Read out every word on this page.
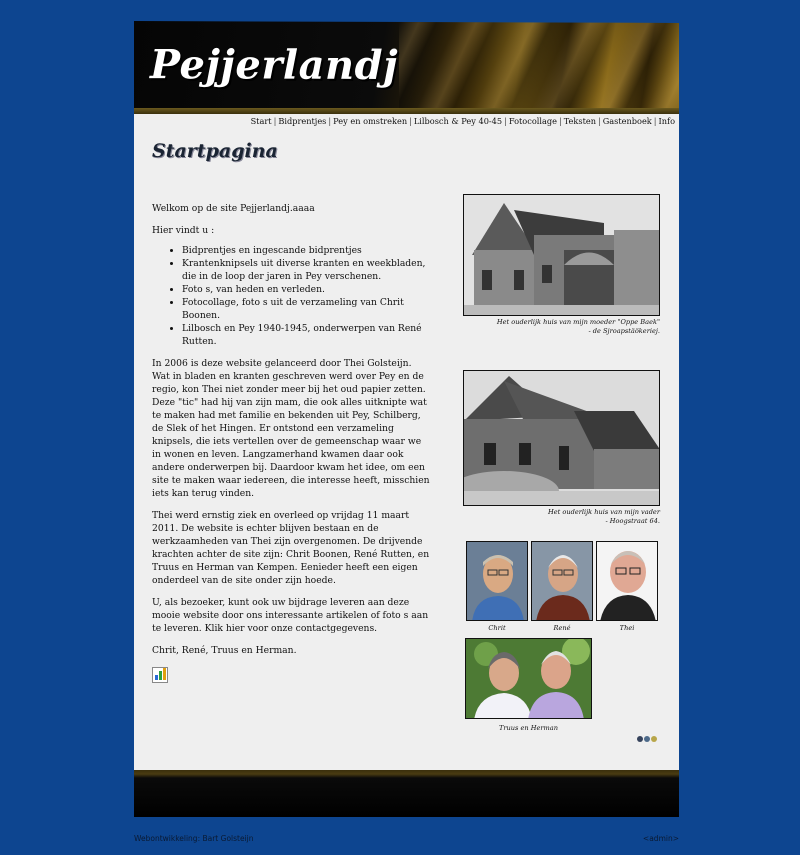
Pejjerlandj
Start | Bidprentjes | Pey en omstreken | Lilbosch & Pey 40-45 | Fotocollage | Teksten | Gastenboek | Info
Startpagina

Welkom op de site Pejjerlandj.aaaa

Hier vindt u :

• Bidprentjes en ingescande bidprentjes
• Krantenknipsels uit diverse kranten en weekbladen, die in de loop der jaren in Pey verschenen.
• Foto s, van heden en verleden.
• Fotocollage, foto s uit de verzameling van Chrit Boonen.
• Lilbosch en Pey 1940-1945, onderwerpen van René Rutten.

In 2006 is deze website gelanceerd door Thei Golsteijn. Wat in bladen en kranten geschreven werd over Pey en de regio, kon Thei niet zonder meer bij het oud papier zetten. Deze "tic" had hij van zijn mam, die ook alles uitknipte wat te maken had met familie en bekenden uit Pey, Schilberg, de Slek of het Hingen. Er ontstond een verzameling knipsels, die iets vertellen over de gemeenschap waar we in wonen en leven. Langzamerhand kwamen daar ook andere onderwerpen bij. Daardoor kwam het idee, om een site te maken waar iedereen, die interesse heeft, misschien iets kan terug vinden.

Thei werd ernstig ziek en overleed op vrijdag 11 maart 2011. De website is echter blijven bestaan en de werkzaamheden van Thei zijn overgenomen. De drijvende krachten achter de site zijn: Chrit Boonen, René Rutten, en Truus en Herman van Kempen. Eenieder heeft een eigen onderdeel van de site onder zijn hoede.

U, als bezoeker, kunt ook uw bijdrage leveren aan deze mooie website door ons interessante artikelen of foto s aan te leveren. Klik hier voor onze contactgegevens.

Chrit, René, Truus en Herman.

Het ouderlijk huis van mijn moeder "Oppe Baek"
- de Sjroapstäökeriej.
Het ouderlijk huis van mijn vader
- Hoogstraat 64.
Chrit	René	Thei
Truus en Herman
Webontwikkeling: Bart Golsteijn	<admin>
